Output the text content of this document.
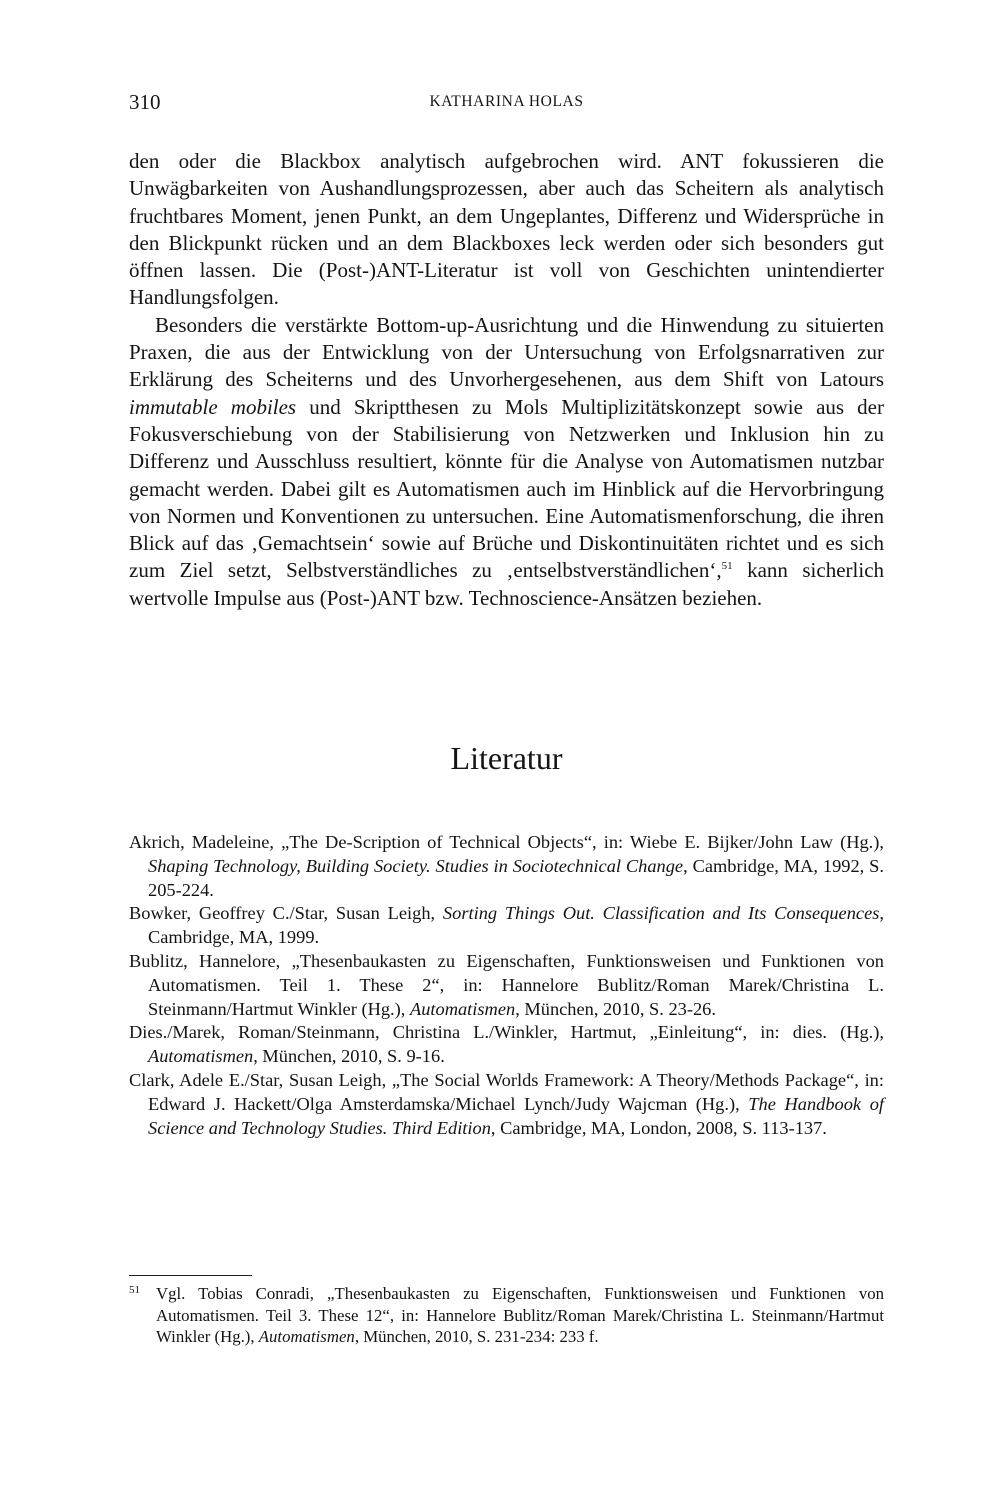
310	KATHARINA HOLAS

den oder die Blackbox analytisch aufgebrochen wird. ANT fokussieren die Unwägbarkeiten von Aushandlungsprozessen, aber auch das Scheitern als analytisch fruchtbares Moment, jenen Punkt, an dem Ungeplantes, Differenz und Widersprüche in den Blickpunkt rücken und an dem Blackboxes leck werden oder sich besonders gut öffnen lassen. Die (Post-)ANT-Literatur ist voll von Geschichten unintendierter Handlungsfolgen.

Besonders die verstärkte Bottom-up-Ausrichtung und die Hinwendung zu situierten Praxen, die aus der Entwicklung von der Untersuchung von Erfolgsnarrativen zur Erklärung des Scheiterns und des Unvorhergesehenen, aus dem Shift von Latours immutable mobiles und Skriptthesen zu Mols Multiplizitätskonzept sowie aus der Fokusverschiebung von der Stabilisierung von Netzwerken und Inklusion hin zu Differenz und Ausschluss resultiert, könnte für die Analyse von Automatismen nutzbar gemacht werden. Dabei gilt es Automatismen auch im Hinblick auf die Hervorbringung von Normen und Konventionen zu untersuchen. Eine Automatismenforschung, die ihren Blick auf das ‚Gemachtsein‘ sowie auf Brüche und Diskontinuitäten richtet und es sich zum Ziel setzt, Selbstverständliches zu ‚entselbstverständlichen‘,$^{51}$ kann sicherlich wertvolle Impulse aus (Post-)ANT bzw. Technoscience-Ansätzen beziehen.

Literatur
Akrich, Madeleine, „The De-Scription of Technical Objects“, in: Wiebe E. Bijker/John Law (Hg.), Shaping Technology, Building Society. Studies in Sociotechnical Change, Cambridge, MA, 1992, S. 205-224.
Bowker, Geoffrey C./Star, Susan Leigh, Sorting Things Out. Classification and Its Consequences, Cambridge, MA, 1999.
Bublitz, Hannelore, „Thesenbaukasten zu Eigenschaften, Funktionsweisen und Funktionen von Automatismen. Teil 1. These 2“, in: Hannelore Bublitz/Roman Marek/​Christina L. Steinmann/Hartmut Winkler (Hg.), Automatismen, München, 2010, S. 23-26.
Dies./Marek, Roman/Steinmann, Christina L./Winkler, Hartmut, „Einleitung“, in: dies. (Hg.), Automatismen, München, 2010, S. 9-16.
Clark, Adele E./Star, Susan Leigh, „The Social Worlds Framework: A Theory/Methods Package“, in: Edward J. Hackett/Olga Amsterdamska/Michael Lynch/Judy Wajcman (Hg.), The Handbook of Science and Technology Studies. Third Edition, Cambridge, MA, London, 2008, S. 113-137.
51 Vgl. Tobias Conradi, „Thesenbaukasten zu Eigenschaften, Funktionsweisen und Funktionen von Automatismen. Teil 3. These 12“, in: Hannelore Bublitz/Roman Marek/Christina L. Steinmann/Hartmut Winkler (Hg.), Automatismen, München, 2010, S. 231-234: 233 f.
